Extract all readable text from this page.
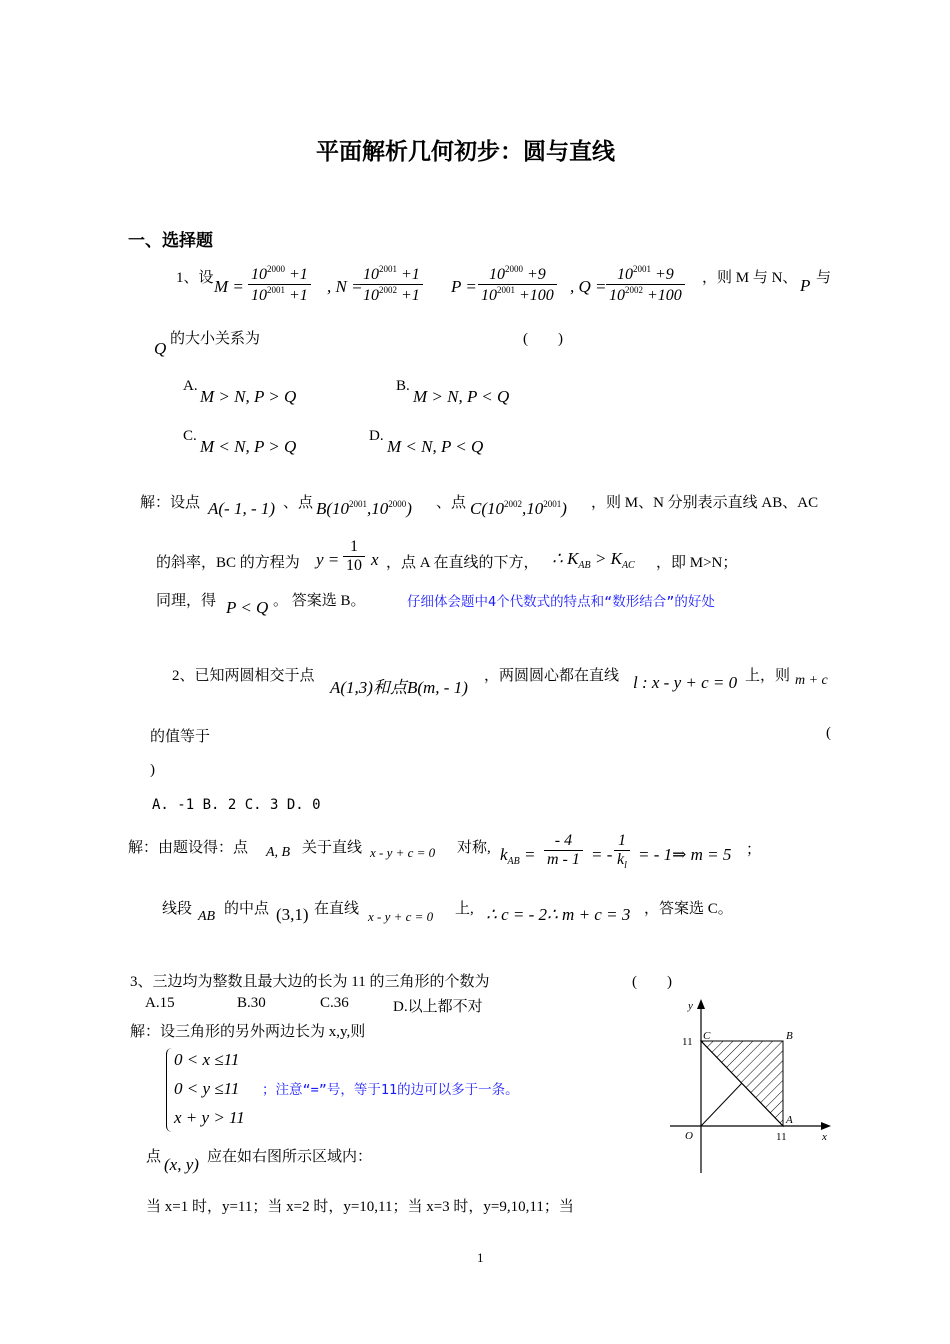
平面解析几何初步：圆与直线
一、选择题
1、设 $M = \frac{10^{2000} +1}{10^{2001} +1}$ , N =
$\frac{10^{2001} +1}{10^{2002} +1}$ $P = \frac{10^{2000} +9}{10^{2001} +100}$ , $Q = \frac{10^{2001} +9}{10^{2002} +100}$ ，则 M 与 N、 P 与
Q 的大小关系为	(　　)
A.
M > N, P > Q
B.
M > N, P < Q
C.
M < N, P > Q
D.
M < N, P < Q
解：设点 A(- 1, - 1) 、点 $B(10^{2001},10^{2000})$ 、点 $C(10^{2002},10^{2001})$ ，则 M、N 分别表示直线 AB、AC
的斜率，BC 的方程为 $y = \frac{1}{10}$ x ，点 A 在直线的下方， ∴ $K_{AB} > K_{AC}$ ，即 M>N；
同理，得 P < Q 。 答案选 B。	仔细体会题中4个代数式的特点和“数形结合”的好处
2、已知两圆相交于点
A(1,3)和点B(m, - 1)
，两圆圆心都在直线 l : x - y + c = 0 上，则 m + c
的值等于	(
)
A. -1 B. 2 C. 3 D. 0
解：由题设得：点 A, B 关于直线 x - y + c = 0 对称, $k_{AB} = \frac{- 4}{m - 1}$ = - $\frac{1}{k_l}$ = - 1⇒ m = 5 ；
线段 AB 的中点 (3,1) 在直线 x - y + c = 0 上, ∴ c = - 2∴ m + c = 3 ，答案选 C。
3、三边均为整数且最大边的长为 11 的三角形的个数为	(　　)
A.15	B.30	C.36	D.以上都不对
解：设三角形的另外两边长为 x,y,则
0 < x ≤11
0 < y ≤11
x + y > 11
；注意“=”号，等于11的边可以多于一条。
点 (x, y) 应在如右图所示区域内：
当 x=1 时，y=11；当 x=2 时，y=10,11；当 x=3 时，y=9,10,11；当
y
x
O
C	B
A
11
11
1
